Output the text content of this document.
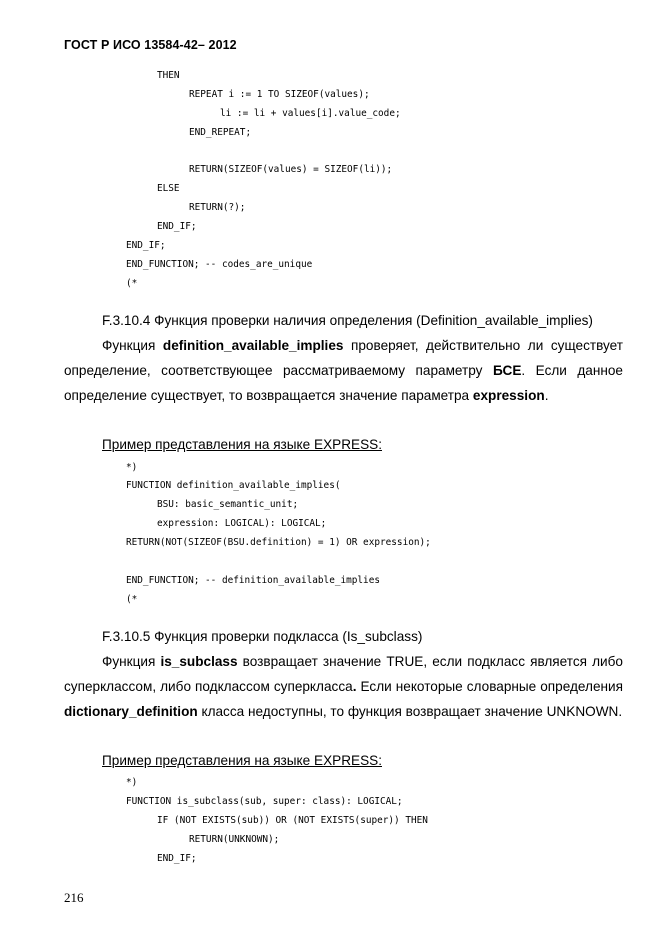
ГОСТ Р ИСО 13584-42– 2012
THEN
REPEAT i := 1 TO SIZEOF(values);
li := li + values[i].value_code;
END_REPEAT;
RETURN(SIZEOF(values) = SIZEOF(li));
ELSE
RETURN(?);
END_IF;
END_IF;
END_FUNCTION; -- codes_are_unique
(*
F.3.10.4 Функция проверки наличия определения (Definition_available_implies)
Функция definition_available_implies проверяет, действительно ли существует определение, соответствующее рассматриваемому параметру БСЕ. Если данное определение существует, то возвращается значение параметра expression.
Пример представления на языке EXPRESS:
*)
FUNCTION definition_available_implies(
BSU: basic_semantic_unit;
expression: LOGICAL): LOGICAL;
RETURN(NOT(SIZEOF(BSU.definition) = 1) OR expression);
END_FUNCTION; -- definition_available_implies
(*
F.3.10.5 Функция проверки подкласса (Is_subclass)
Функция is_subclass возвращает значение TRUE, если подкласс является либо суперклассом, либо подклассом суперкласса. Если некоторые словарные определения dictionary_definition класса недоступны, то функция возвращает значение UNKNOWN.
Пример представления на языке EXPRESS:
*)
FUNCTION is_subclass(sub, super: class): LOGICAL;
IF (NOT EXISTS(sub)) OR (NOT EXISTS(super)) THEN
RETURN(UNKNOWN);
END_IF;
216
